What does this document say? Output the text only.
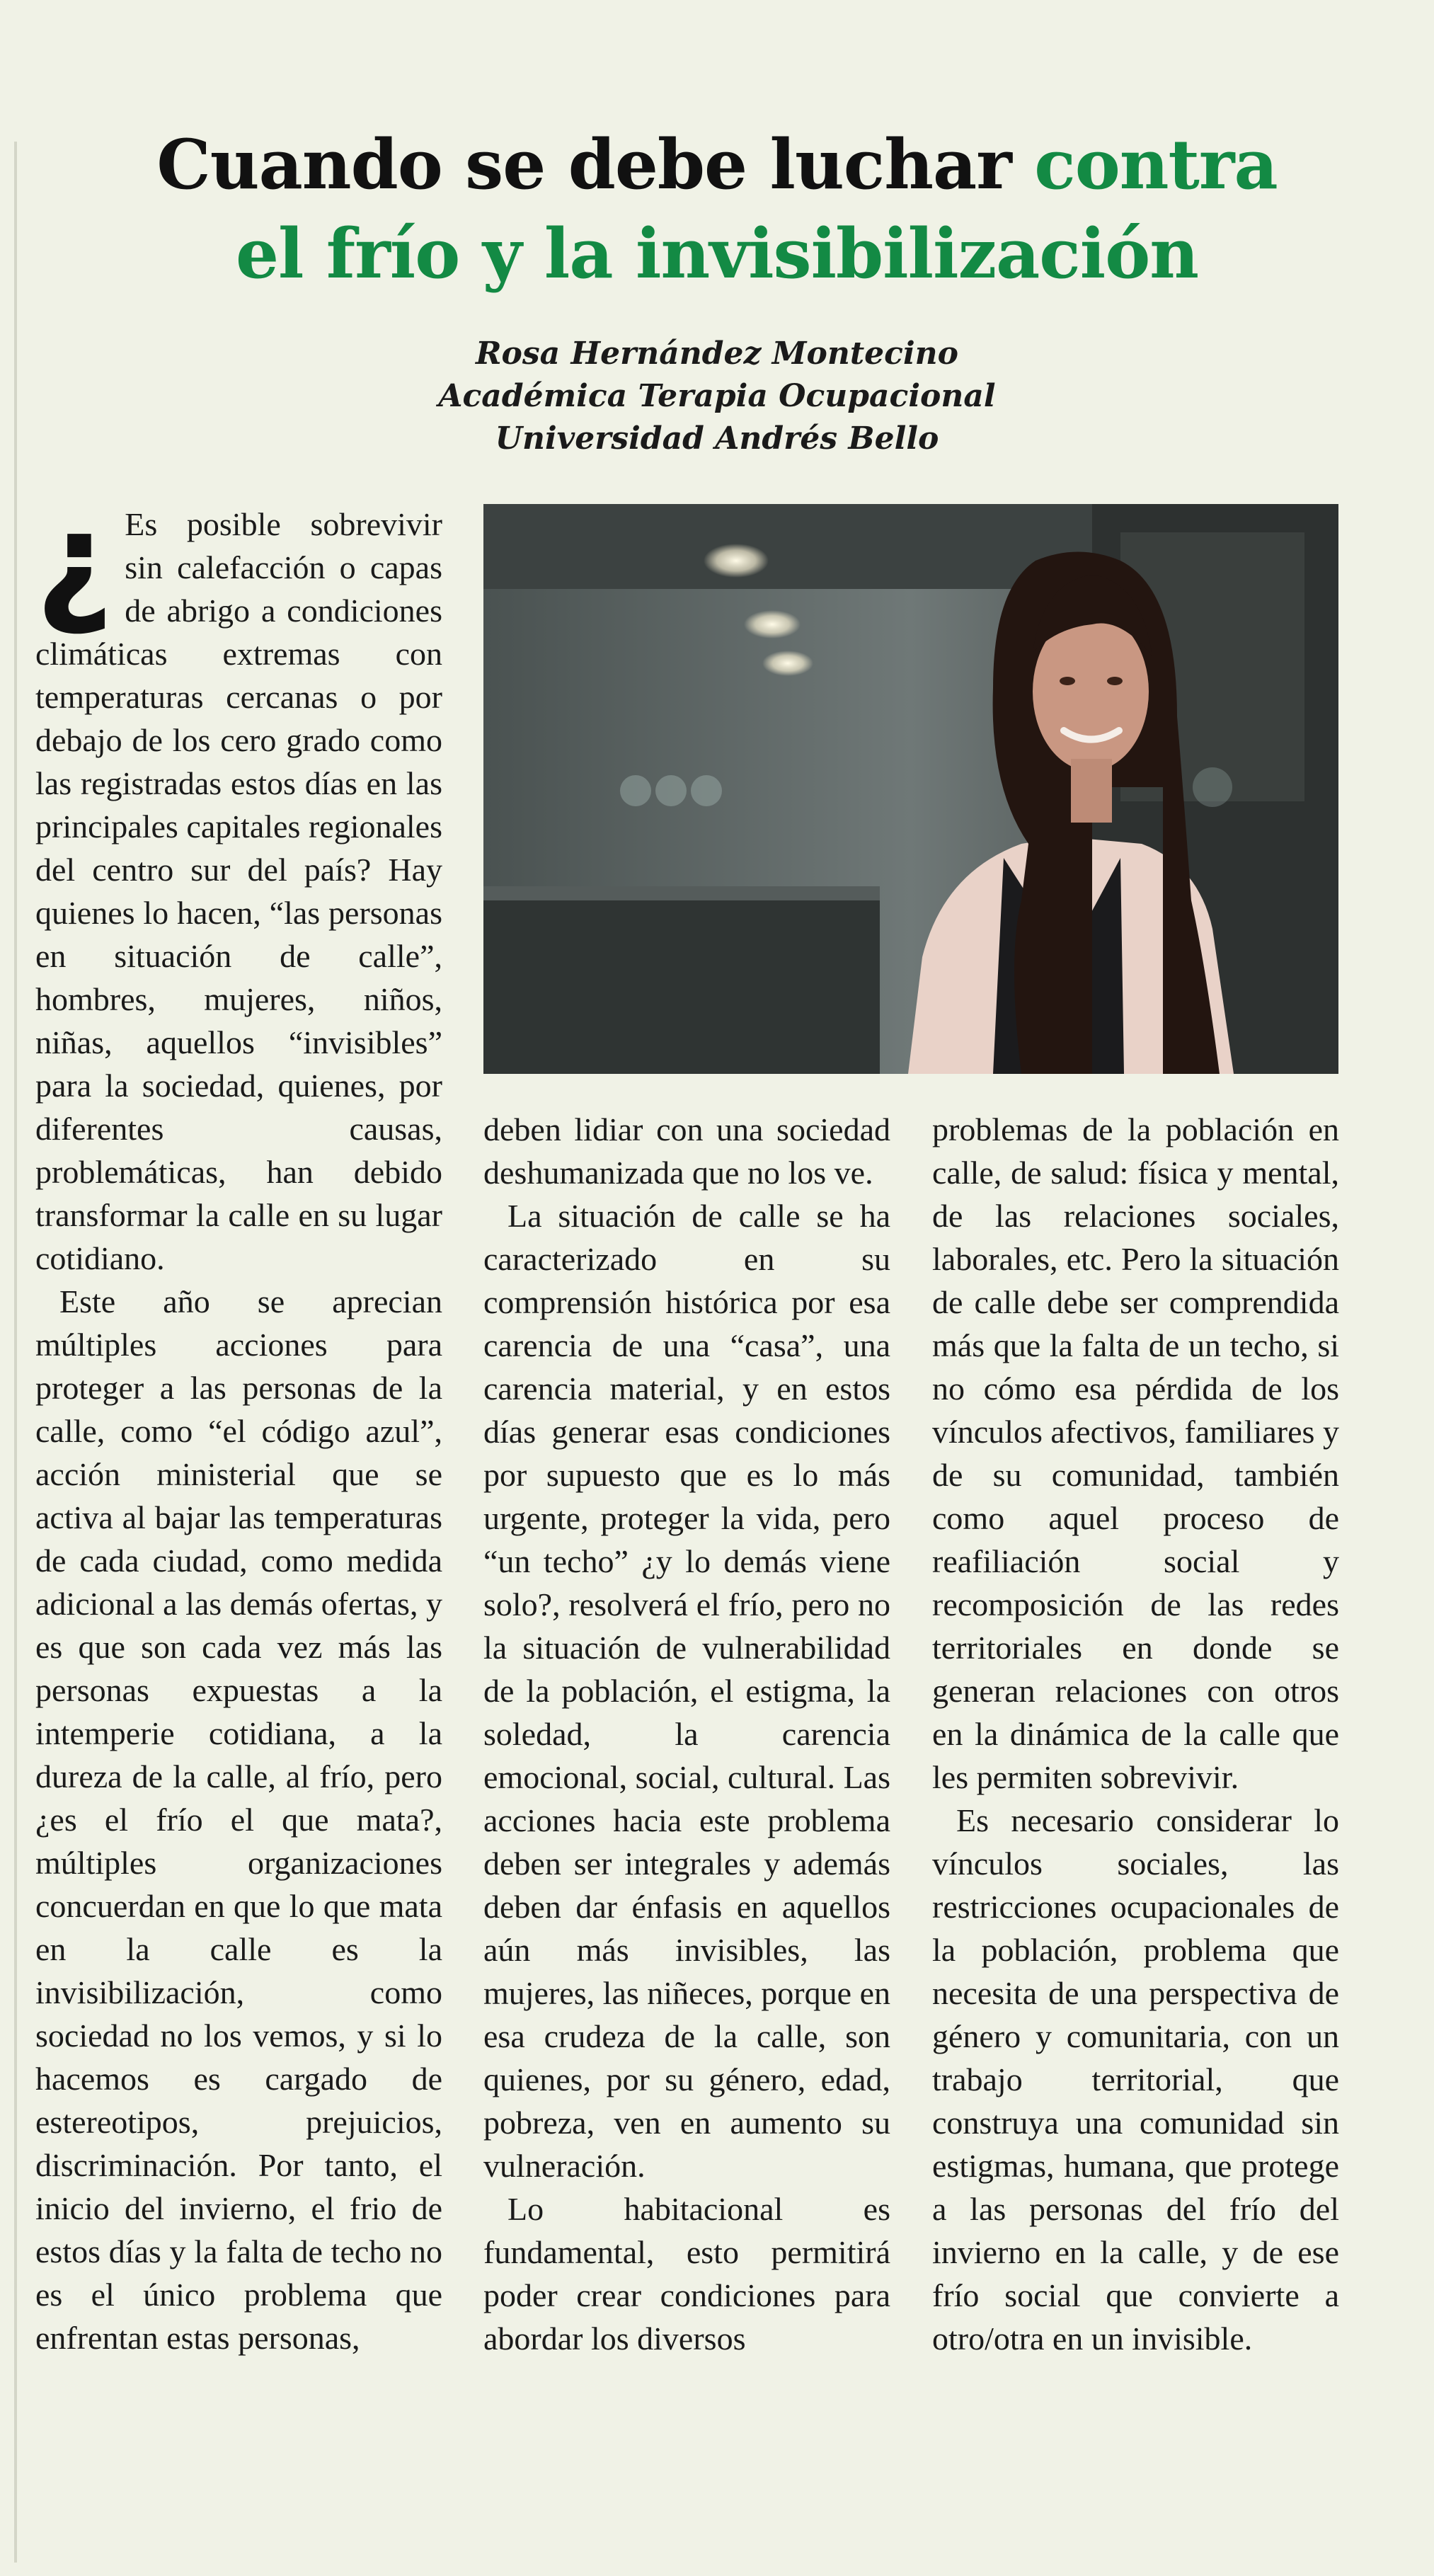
Cuando se debe luchar contra
el frío y la invisibilización
Rosa Hernández Montecino
Académica Terapia Ocupacional
Universidad Andrés Bello
¿ Es posible sobrevivir sin calefacción o capas de abrigo a condiciones climáticas extremas con temperaturas cercanas o por debajo de los cero grado como las registradas estos días en las principales capitales regionales del centro sur del país? Hay quienes lo hacen, “las personas en situación de calle”, hombres, mujeres, niños, niñas, aquellos “invisibles” para la sociedad, quienes, por diferentes causas, problemáticas, han debido transformar la calle en su lugar cotidiano.

Este año se aprecian múltiples acciones para proteger a las personas de la calle, como “el código azul”, acción ministerial que se activa al bajar las temperaturas de cada ciudad, como medida adicional a las demás ofertas, y es que son cada vez más las personas expuestas a la intemperie cotidiana, a la dureza de la calle, al frío, pero ¿es el frío el que mata?, múltiples organizaciones concuerdan en que lo que mata en la calle es la invisibilización, como sociedad no los vemos, y si lo hacemos es cargado de estereotipos, prejuicios, discriminación. Por tanto, el inicio del invierno, el frio de estos días y la falta de techo no es el único problema que enfrentan estas personas,

deben lidiar con una sociedad deshumanizada que no los ve.

La situación de calle se ha caracterizado en su comprensión histórica por esa carencia de una “casa”, una carencia material, y en estos días generar esas condiciones por supuesto que es lo más urgente, proteger la vida, pero “un techo” ¿y lo demás viene solo?, resolverá el frío, pero no la situación de vulnerabilidad de la población, el estigma, la soledad, la carencia emocional, social, cultural. Las acciones hacia este problema deben ser integrales y además deben dar énfasis en aquellos aún más invisibles, las mujeres, las niñeces, porque en esa crudeza de la calle, son quienes, por su género, edad, pobreza, ven en aumento su vulneración.

Lo habitacional es fundamental, esto permitirá poder crear condiciones para abordar los diversos

problemas de la población en calle, de salud: física y mental, de las relaciones sociales, laborales, etc. Pero la situación de calle debe ser comprendida más que la falta de un techo, si no cómo esa pérdida de los vínculos afectivos, familiares y de su comunidad, también como aquel proceso de reafiliación social y recomposición de las redes territoriales en donde se generan relaciones con otros en la dinámica de la calle que les permiten sobrevivir.

Es necesario considerar lo vínculos sociales, las restricciones ocupacionales de la población, problema que necesita de una perspectiva de género y comunitaria, con un trabajo territorial, que construya una comunidad sin estigmas, humana, que protege a las personas del frío del invierno en la calle, y de ese frío social que convierte a otro/otra en un invisible.
